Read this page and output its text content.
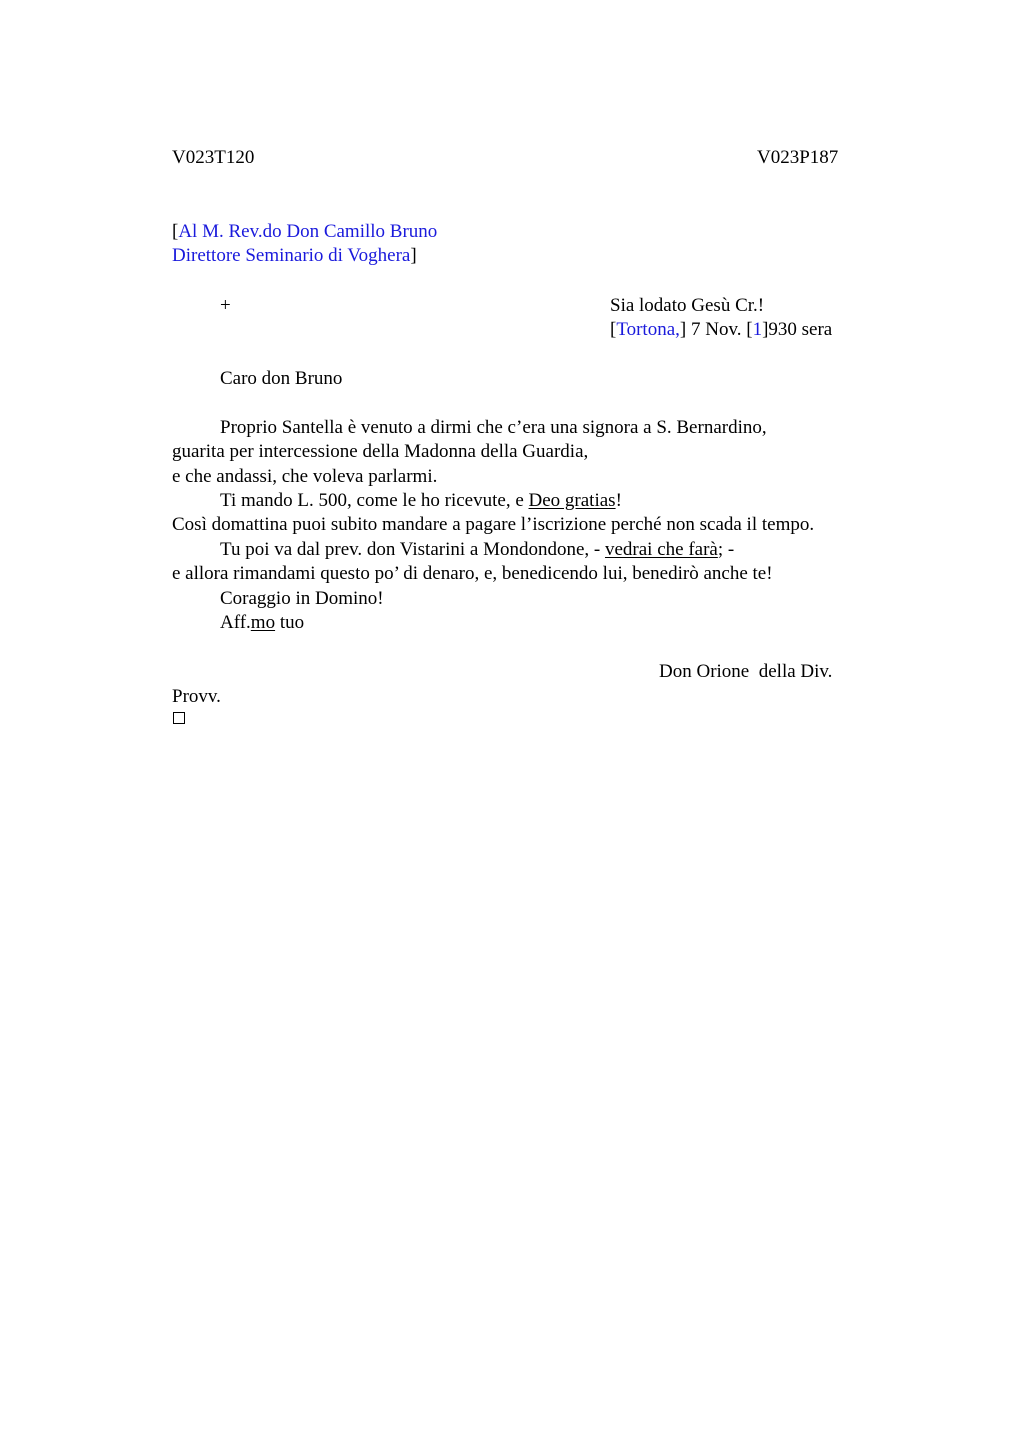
V023T120	V023P187
[Al M. Rev.do Don Camillo Bruno
Direttore Seminario di Voghera]
+	Sia lodato Gesù Cr.!
[Tortona,] 7 Nov. [1]930 sera
Caro don Bruno
Proprio Santella è venuto a dirmi che c’era una signora a S. Bernardino,
guarita per intercessione della Madonna della Guardia,
e che andassi, che voleva parlarmi.
Ti mando L. 500, come le ho ricevute, e Deo gratias!
Così domattina puoi subito mandare a pagare l’iscrizione perché non scada il tempo.
Tu poi va dal prev. don Vistarini a Mondondone, - vedrai che farà; -
e allora rimandami questo po’ di denaro, e, benedicendo lui, benedirò anche te!
Coraggio in Domino!
Aff.mo tuo
Don Orione  della Div.
Provv.
